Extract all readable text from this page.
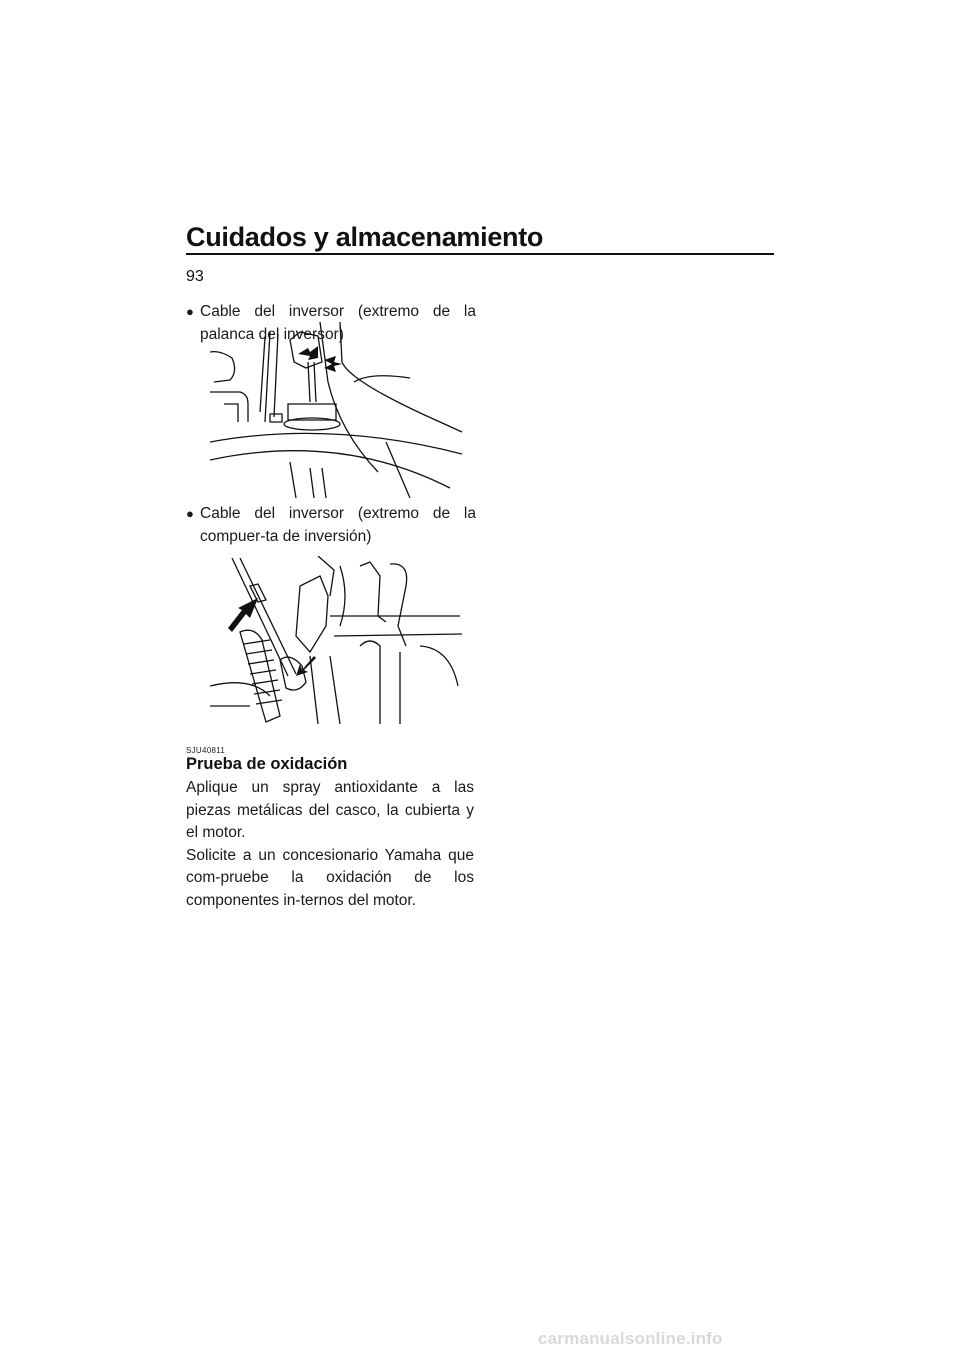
Cuidados y almacenamiento
93
● Cable del inversor (extremo de la palanca del inversor)
● Cable del inversor (extremo de la compuer-ta de inversión)
SJU40811
Prueba de oxidación
Aplique un spray antioxidante a las piezas metálicas del casco, la cubierta y el motor.
Solicite a un concesionario Yamaha que com-pruebe la oxidación de los componentes in-ternos del motor.
carmanualsonline.info
